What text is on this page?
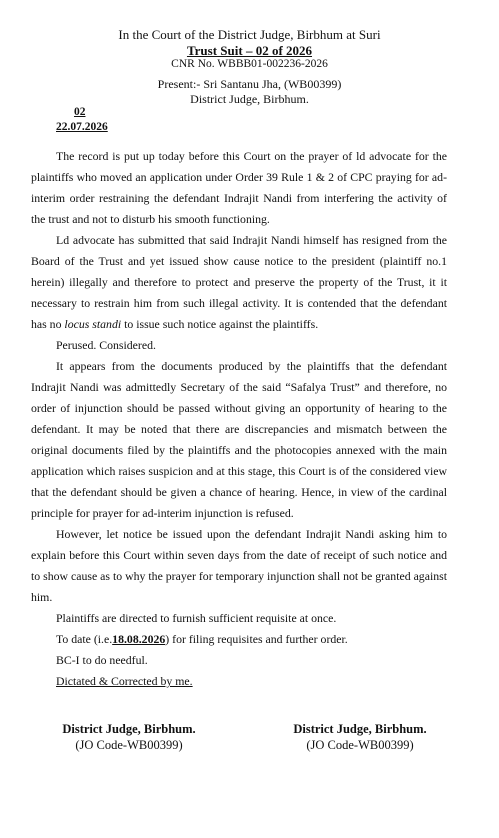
In the Court of the District Judge, Birbhum at Suri
Trust Suit – 02 of 2026
CNR No. WBBB01-002236-2026
Present:- Sri Santanu Jha, (WB00399)
District Judge, Birbhum.
02
22.07.2026

The record is put up today before this Court on the prayer of ld advocate for the plaintiffs who moved an application under Order 39 Rule 1 & 2 of CPC praying for ad-interim order restraining the defendant Indrajit Nandi from interfering the activity of the trust and not to disturb his smooth functioning.

Ld advocate has submitted that said Indrajit Nandi himself has resigned from the Board of the Trust and yet issued show cause notice to the president (plaintiff no.1 herein) illegally and therefore to protect and preserve the property of the Trust, it it necessary to restrain him from such illegal activity. It is contended that the defendant has no locus standi to issue such notice against the plaintiffs.

Perused. Considered.

It appears from the documents produced by the plaintiffs that the defendant Indrajit Nandi was admittedly Secretary of the said “Safalya Trust” and therefore, no order of injunction should be passed without giving an opportunity of hearing to the defendant. It may be noted that there are discrepancies and mismatch between the original documents filed by the plaintiffs and the photocopies annexed with the main application which raises suspicion and at this stage, this Court is of the considered view that the defendant should be given a chance of hearing. Hence, in view of the cardinal principle for prayer for ad-interim injunction is refused.

However, let notice be issued upon the defendant Indrajit Nandi asking him to explain before this Court within seven days from the date of receipt of such notice and to show cause as to why the prayer for temporary injunction shall not be granted against him.

Plaintiffs are directed to furnish sufficient requisite at once.

To date (i.e.18.08.2026) for filing requisites and further order.

BC-I to do needful.

Dictated & Corrected by me.

District Judge, Birbhum.
(JO Code-WB00399)
District Judge, Birbhum.
(JO Code-WB00399)
